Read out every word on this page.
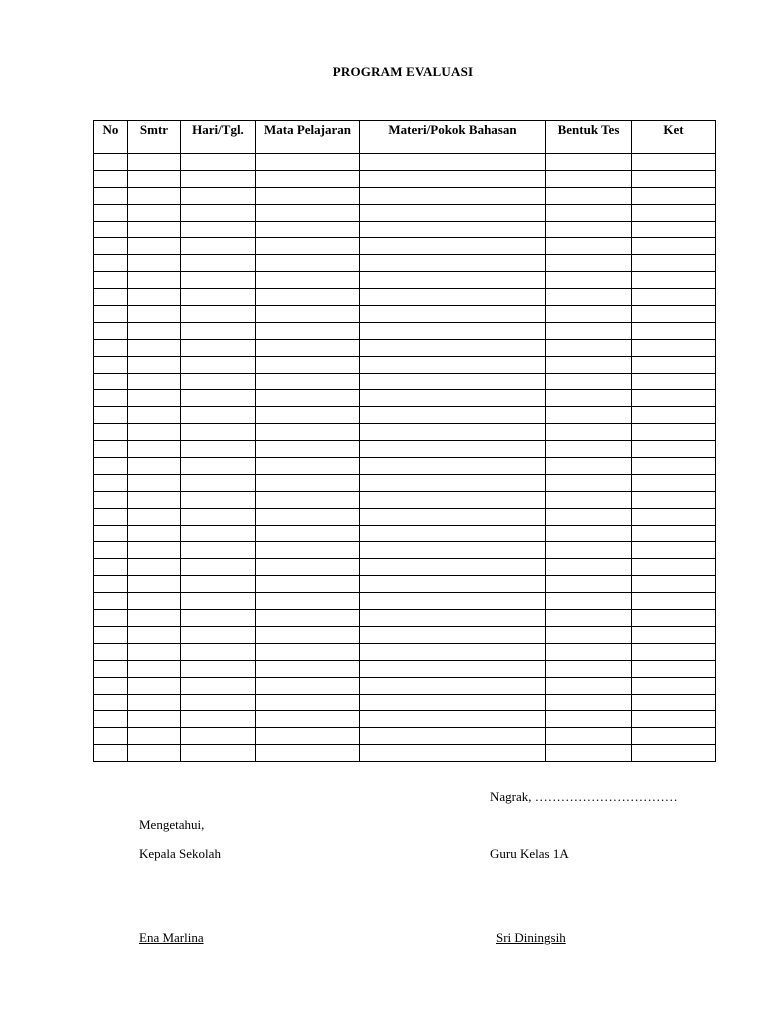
PROGRAM EVALUASI
No	Smtr	Hari/Tgl.	Mata Pelajaran	Materi/Pokok Bahasan	Bentuk Tes	Ket

Nagrak, ……………………………
Mengetahui,
Kepala Sekolah	Guru Kelas 1A
Ena Marlina	Sri Diningsih
